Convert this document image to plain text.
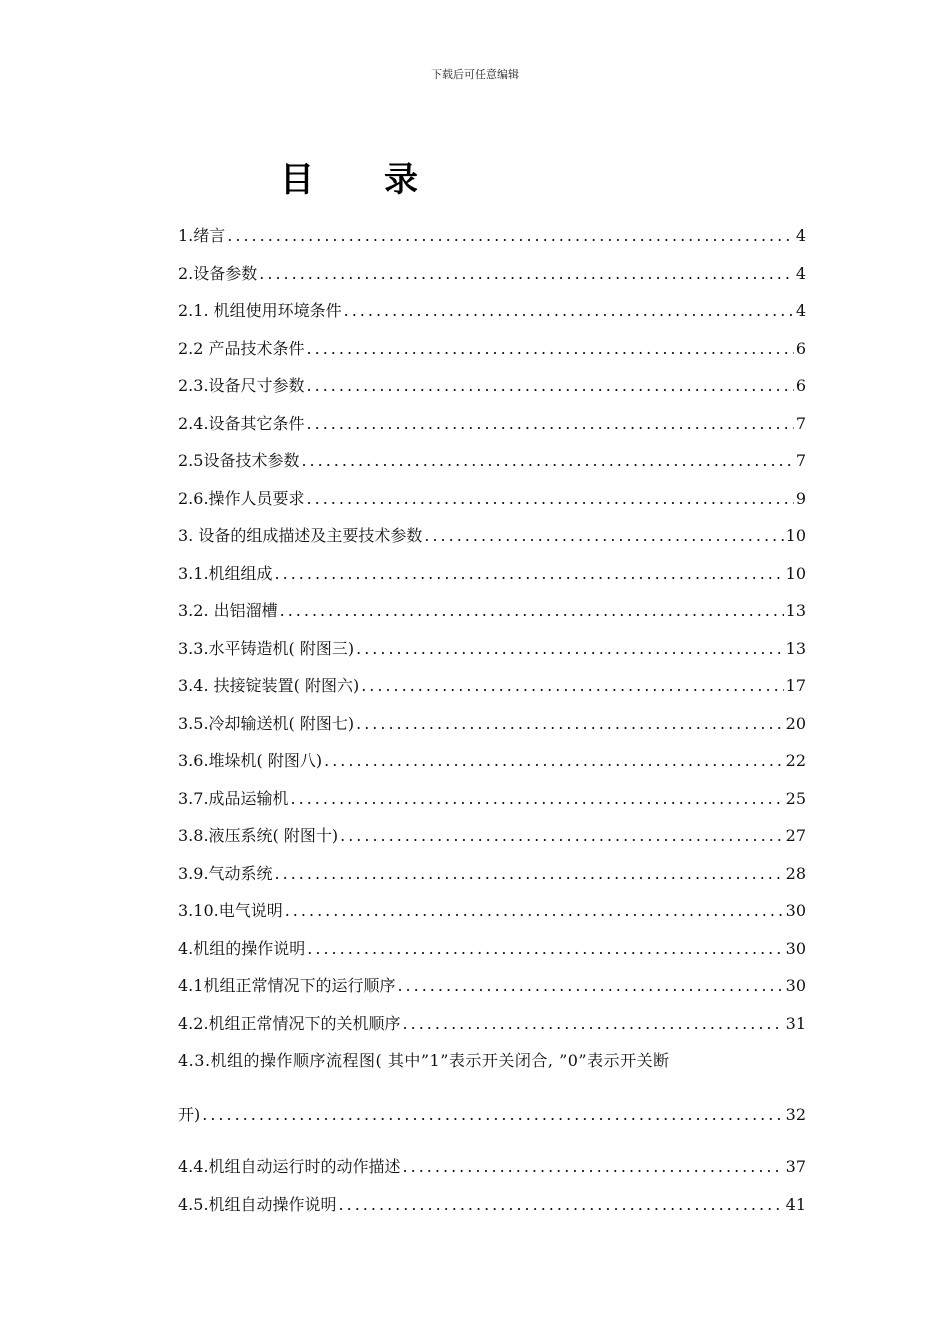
下载后可任意编辑
目 录
1.绪言 .....	4
2.设备参数 .....	4
2.1. 机组使用环境条件 .....	4
2.2 产品技术条件 .....	6
2.3.设备尺寸参数 .....	6
2.4.设备其它条件 .....	7
2.5设备技术参数 .....	7
2.6.操作人员要求 .....	9
3. 设备的组成描述及主要技术参数 .....	10
3.1.机组组成 .....	10
3.2. 出铝溜槽 .....	13
3.3.水平铸造机( 附图三) .....	13
3.4. 扶接锭装置( 附图六) .....	17
3.5.冷却输送机( 附图七) .....	20
3.6.堆垛机( 附图八) .....	22
3.7.成品运输机 .....	25
3.8.液压系统( 附图十) .....	27
3.9.气动系统 .....	28
3.10.电气说明 .....	30
4.机组的操作说明 .....	30
4.1机组正常情况下的运行顺序 .....	30
4.2.机组正常情况下的关机顺序 .....	31
4.3.机组的操作顺序流程图( 其中”1”表示开关闭合, ”0”表示开关断
开) .....	32
4.4.机组自动运行时的动作描述 .....	37
4.5.机组自动操作说明 .....	41
